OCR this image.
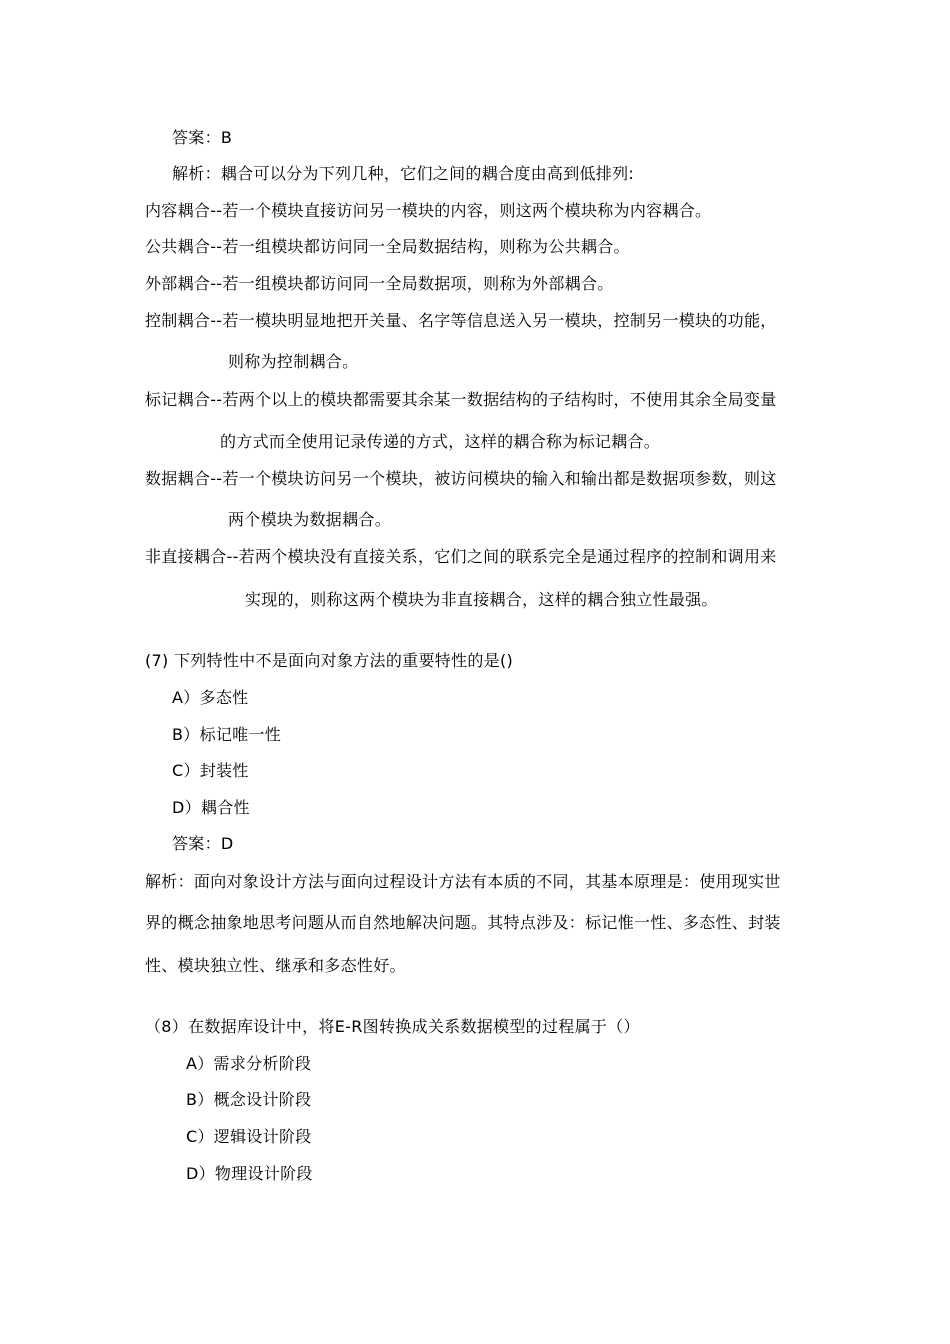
答案：B
解析：耦合可以分为下列几种，它们之间的耦合度由高到低排列:
内容耦合--若一个模块直接访问另一模块的内容，则这两个模块称为内容耦合。
公共耦合--若一组模块都访问同一全局数据结构，则称为公共耦合。
外部耦合--若一组模块都访问同一全局数据项，则称为外部耦合。
控制耦合--若一模块明显地把开关量、名字等信息送入另一模块，控制另一模块的功能，
则称为控制耦合。
标记耦合--若两个以上的模块都需要其余某一数据结构的子结构时，不使用其余全局变量
的方式而全使用记录传递的方式，这样的耦合称为标记耦合。
数据耦合--若一个模块访问另一个模块，被访问模块的输入和输出都是数据项参数，则这
两个模块为数据耦合。
非直接耦合--若两个模块没有直接关系，它们之间的联系完全是通过程序的控制和调用来
实现的，则称这两个模块为非直接耦合，这样的耦合独立性最强。
(7) 下列特性中不是面向对象方法的重要特性的是()
A）多态性
B）标记唯一性
C）封装性
D）耦合性
答案：D
解析：面向对象设计方法与面向过程设计方法有本质的不同，其基本原理是：使用现实世
界的概念抽象地思考问题从而自然地解决问题。其特点涉及：标记惟一性、多态性、封装
性、模块独立性、继承和多态性好。
（8）在数据库设计中，将E-R图转换成关系数据模型的过程属于（）
A）需求分析阶段
B）概念设计阶段
C）逻辑设计阶段
D）物理设计阶段
